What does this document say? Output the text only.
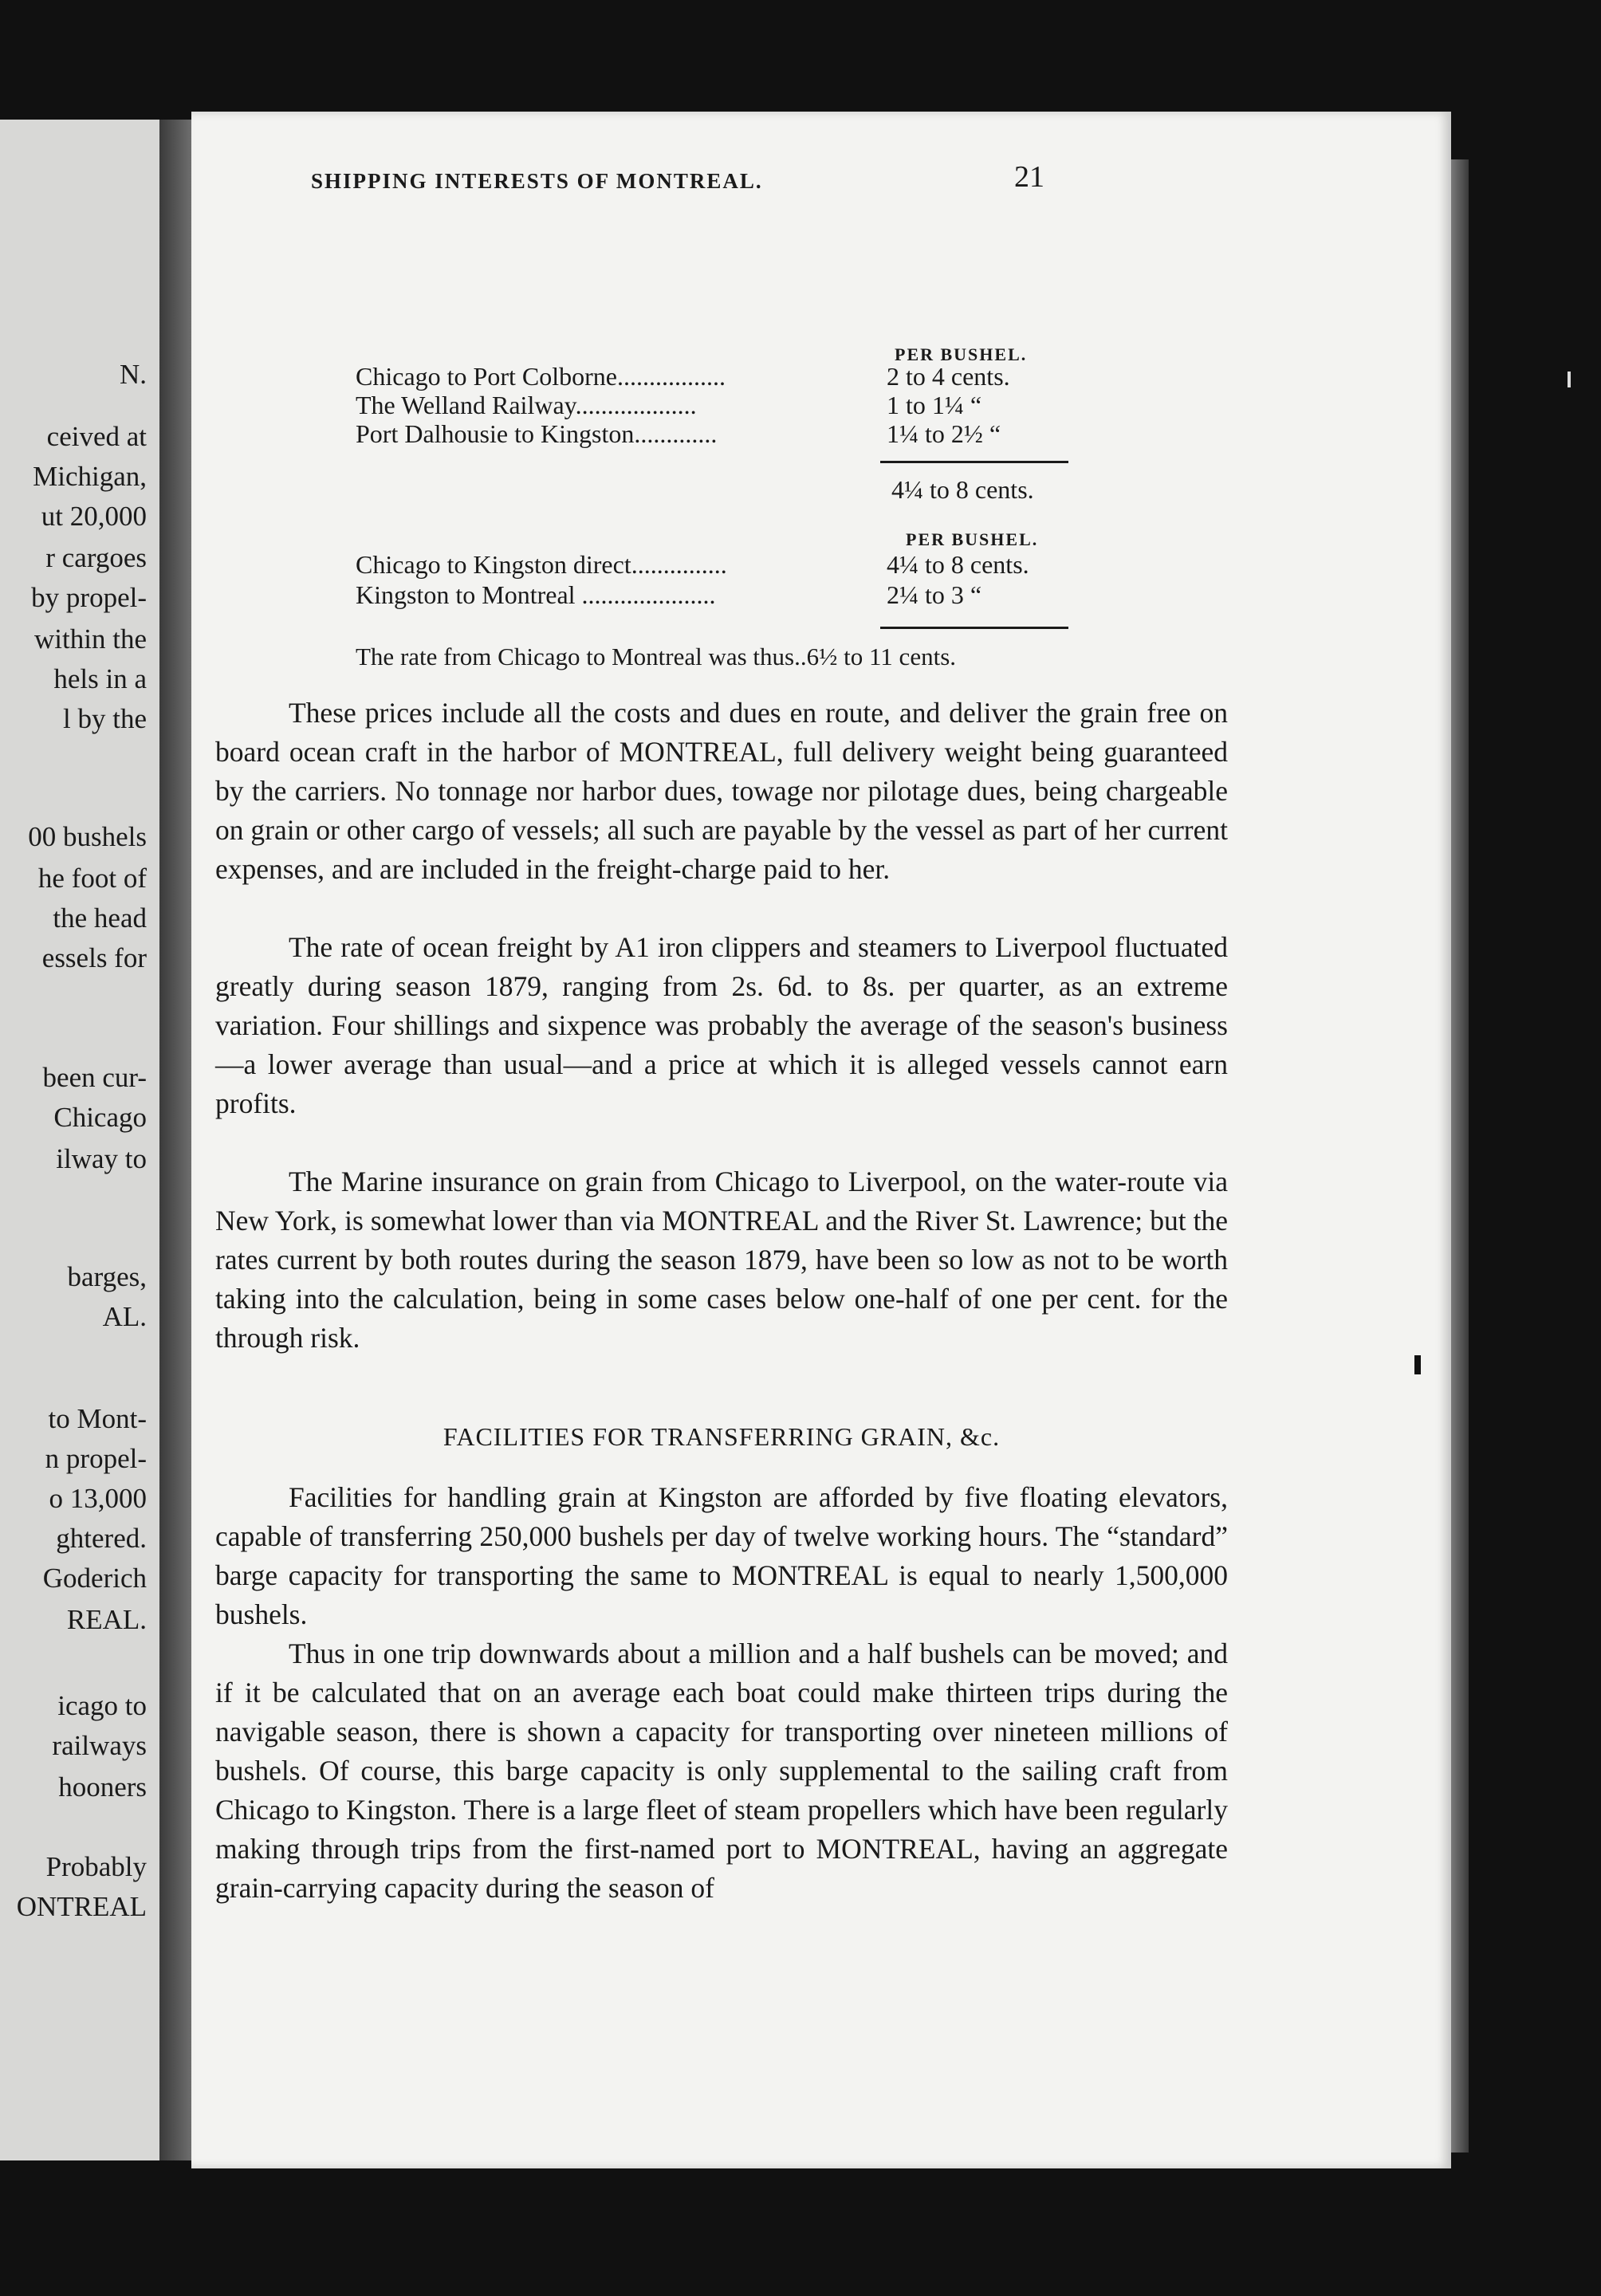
N.
ceived at
Michigan,
ut 20,000
r cargoes
by propel-
within the
hels in a
l by the
00 bushels
he foot of
the head
essels for
been cur-
Chicago
ilway to
barges,
AL.
to Mont-
n propel-
o 13,000
ghtered.
Goderich
REAL.
icago to
railways
hooners
Probably
ONTREAL
SHIPPING INTERESTS OF MONTREAL.	21
PER BUSHEL.
Chicago to Port Colborne.................	2 to 4 cents.
The Welland Railway...................	1 to 1¼ “
Port Dalhousie to Kingston.............	1¼ to 2½ “
4¼ to 8 cents.
PER BUSHEL.
Chicago to Kingston direct...............	4¼ to 8 cents.
Kingston to Montreal .....................	2¼ to 3 “
The rate from Chicago to Montreal was thus..6½ to 11 cents.
These prices include all the costs and dues en route, and deliver the grain free on board ocean craft in the harbor of MONTREAL, full delivery weight being guaranteed by the carriers. No tonnage nor harbor dues, towage nor pilotage dues, being chargeable on grain or other cargo of vessels; all such are payable by the vessel as part of her current expenses, and are included in the freight-charge paid to her.
The rate of ocean freight by A1 iron clippers and steamers to Liverpool fluctuated greatly during season 1879, ranging from 2s. 6d. to 8s. per quarter, as an extreme variation. Four shillings and sixpence was probably the average of the season's business—a lower average than usual—and a price at which it is alleged vessels cannot earn profits.
The Marine insurance on grain from Chicago to Liverpool, on the water-route via New York, is somewhat lower than via MONTREAL and the River St. Lawrence; but the rates current by both routes during the season 1879, have been so low as not to be worth taking into the calculation, being in some cases below one-half of one per cent. for the through risk.
FACILITIES FOR TRANSFERRING GRAIN, &c.
Facilities for handling grain at Kingston are afforded by five floating elevators, capable of transferring 250,000 bushels per day of twelve working hours. The “standard” barge capacity for transporting the same to MONTREAL is equal to nearly 1,500,000 bushels.
Thus in one trip downwards about a million and a half bushels can be moved; and if it be calculated that on an average each boat could make thirteen trips during the navigable season, there is shown a capacity for transporting over nineteen millions of bushels. Of course, this barge capacity is only supplemental to the sailing craft from Chicago to Kingston. There is a large fleet of steam propellers which have been regularly making through trips from the first-named port to MONTREAL, having an aggregate grain-carrying capacity during the season of
